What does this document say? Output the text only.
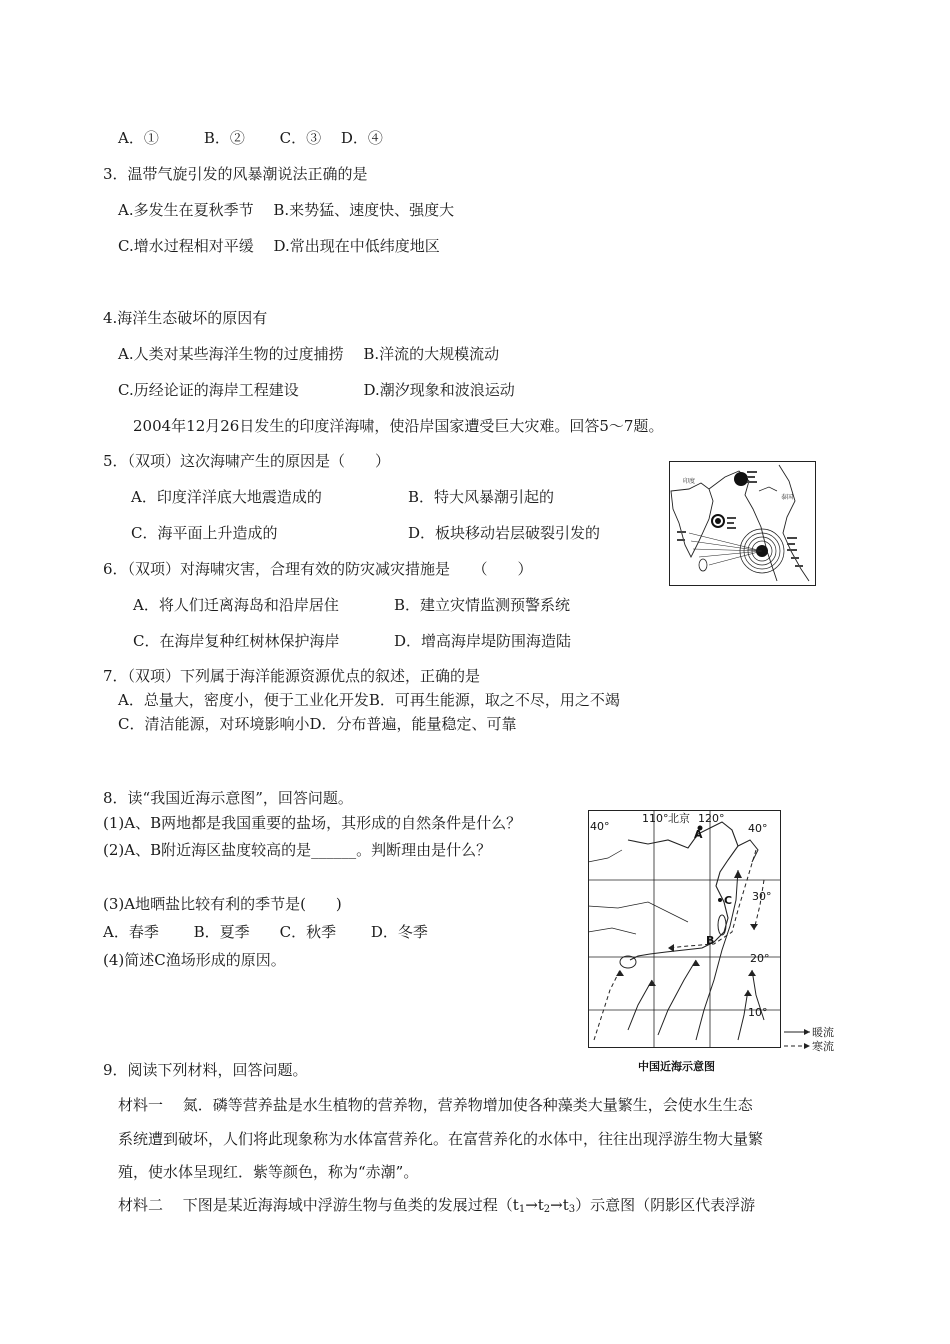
A．①　　　B．②　　 C．③　 D．④
3．温带气旋引发的风暴潮说法正确的是
A.多发生在夏秋季节　 B.来势猛、速度快、强度大
C.增水过程相对平缓　 D.常出现在中低纬度地区
4.海洋生态破坏的原因有
A.人类对某些海洋生物的过度捕捞　 B.洋流的大规模流动
C.历经论证的海岸工程建设　　　　 D.潮汐现象和波浪运动
2004年12月26日发生的印度洋海啸，使沿岸国家遭受巨大灾难。回答5～7题。
5．（双项）这次海啸产生的原因是（　　）
A．印度洋洋底大地震造成的	B．特大风暴潮引起的
C．海平面上升造成的	D．板块移动岩层破裂引发的
6．（双项）对海啸灾害，合理有效的防灾减灾措施是　　（　　）
A．将人们迁离海岛和沿岸居住	B．建立灾情监测预警系统
C．在海岸复种红树林保护海岸	D．增高海岸堤防围海造陆
7．（双项）下列属于海洋能源资源优点的叙述，正确的是
A．总量大，密度小，便于工业化开发B．可再生能源，取之不尽，用之不竭
C．清洁能源，对环境影响小D．分布普遍，能量稳定、可靠
8．读“我国近海示意图”，回答问题。
(1)A、B两地都是我国重要的盐场，其形成的自然条件是什么？
(2)A、B附近海区盐度较高的是______。判断理由是什么？
(3)A地晒盐比较有利的季节是(　　)
A．春季　　 B．夏季　　C．秋季　　 D．冬季
(4)简述C渔场形成的原因。
9．阅读下列材料，回答问题。
材料一　 氮．磷等营养盐是水生植物的营养物，营养物增加使各种藻类大量繁生，会使水生生态
系统遭到破坏，人们将此现象称为水体富营养化。在富营养化的水体中，往往出现浮游生物大量繁
殖，使水体呈现红．紫等颜色，称为“赤潮”。
材料二　 下图是某近海海域中浮游生物与鱼类的发展过程$(t_1\to t_2\to t_3)$示意图（阴影区代表浮游
印度
泰国
40°
110° 北京 120°
40°
30°
20°
10°
A
B
C
暖流
寒流
中国近海示意图
